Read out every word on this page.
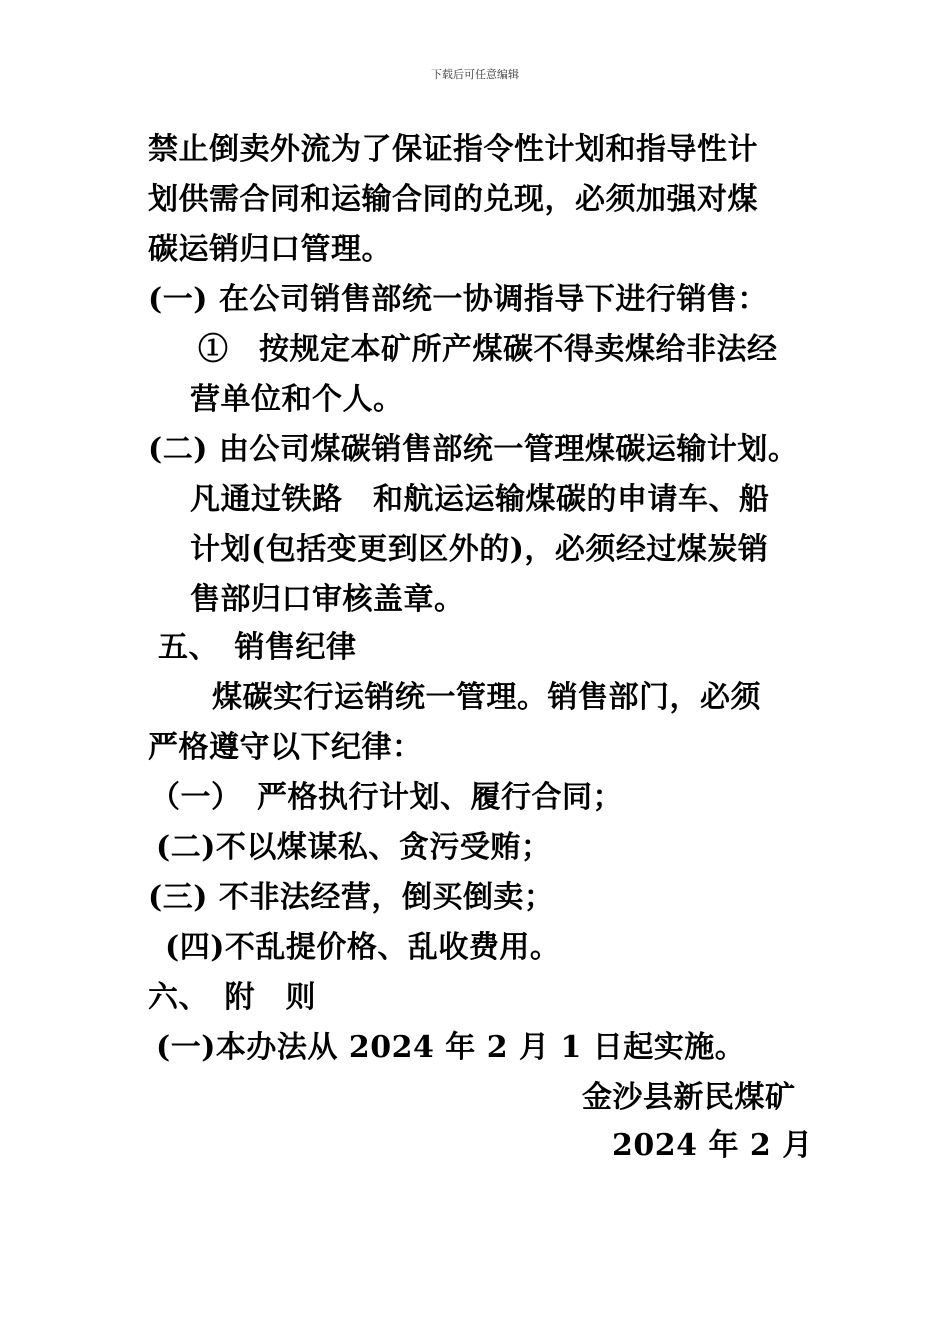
下载后可任意编辑
禁止倒卖外流为了保证指令性计划和指导性计
划供需合同和运输合同的兑现，必须加强对煤
碳运销归口管理。
(一) 在公司销售部统一协调指导下进行销售：
①　按规定本矿所产煤碳不得卖煤给非法经
营单位和个人。
(二) 由公司煤碳销售部统一管理煤碳运输计划。
凡通过铁路　和航运运输煤碳的申请车、船
计划(包括变更到区外的)，必须经过煤炭销
售部归口审核盖章。
五、　销售纪律
煤碳实行运销统一管理。销售部门，必须
严格遵守以下纪律：
（一）　严格执行计划、履行合同；
(二)不以煤谋私、贪污受贿；
(三) 不非法经营，倒买倒卖；
(四)不乱提价格、乱收费用。
六、　附　则
(一)本办法从 2024 年 2 月 1 日起实施。
金沙县新民煤矿
2024 年 2 月
